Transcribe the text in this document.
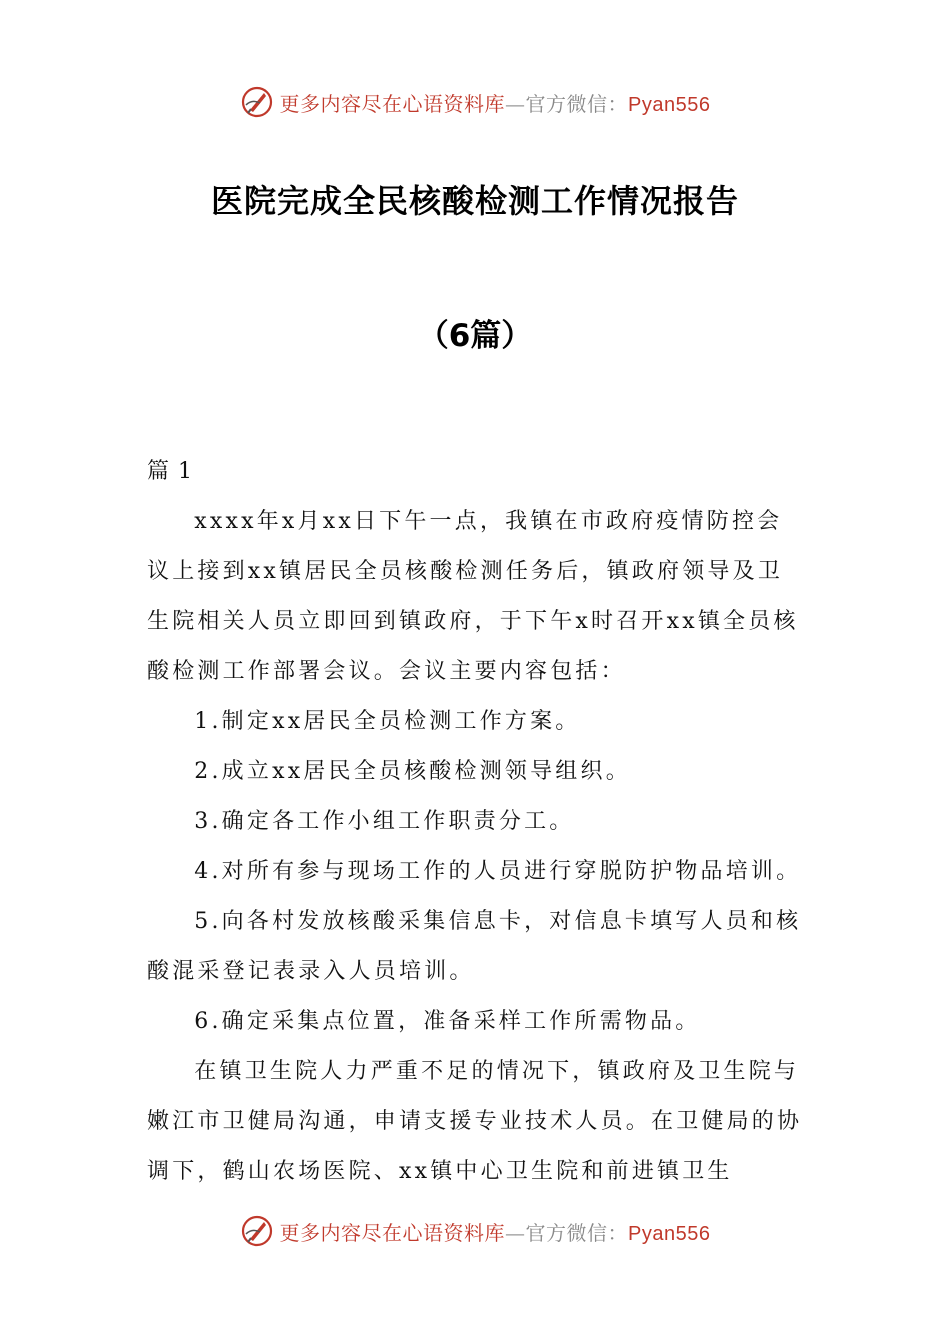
更多内容尽在心语资料库—官方微信：Pyan556
医院完成全民核酸检测工作情况报告
（6篇）

篇 1

xxxx年x月xx日下午一点，我镇在市政府疫情防控会议上接到xx镇居民全员核酸检测任务后，镇政府领导及卫生院相关人员立即回到镇政府，于下午x时召开xx镇全员核酸检测工作部署会议。会议主要内容包括：

1.制定xx居民全员检测工作方案。

2.成立xx居民全员核酸检测领导组织。

3.确定各工作小组工作职责分工。

4.对所有参与现场工作的人员进行穿脱防护物品培训。

5.向各村发放核酸采集信息卡，对信息卡填写人员和核酸混采登记表录入人员培训。

6.确定采集点位置，准备采样工作所需物品。

在镇卫生院人力严重不足的情况下，镇政府及卫生院与嫩江市卫健局沟通，申请支援专业技术人员。在卫健局的协调下，鹤山农场医院、xx镇中心卫生院和前进镇卫生

更多内容尽在心语资料库—官方微信：Pyan556
